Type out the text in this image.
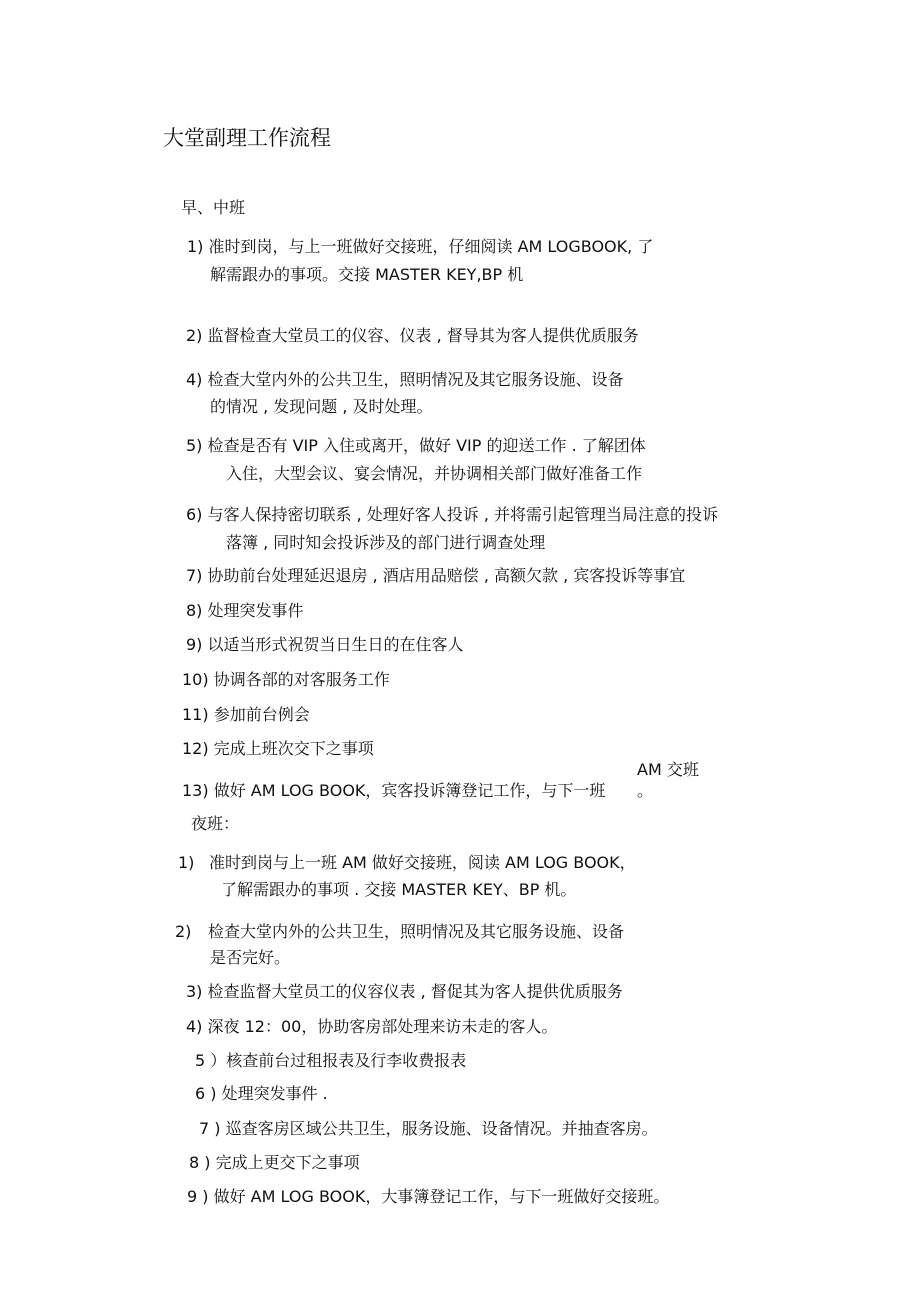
大堂副理工作流程
早、中班
1) 准时到岗，与上一班做好交接班，仔细阅读 AM LOGBOOK, 了
解需跟办的事项。交接 MASTER KEY,BP 机
2) 监督检查大堂员工的仪容、仪表 , 督导其为客人提供优质服务
4) 检查大堂内外的公共卫生，照明情况及其它服务设施、设备
的情况 , 发现问题 , 及时处理。
5) 检查是否有 VIP 入住或离开，做好 VIP 的迎送工作 . 了解团体
入住，大型会议、宴会情况，并协调相关部门做好准备工作
6) 与客人保持密切联系 , 处理好客人投诉 , 并将需引起管理当局注意的投诉
落簿 , 同时知会投诉涉及的部门进行调查处理
7) 协助前台处理延迟退房 , 酒店用品赔偿 , 高额欠款 , 宾客投诉等事宜
8) 处理突发事件
9) 以适当形式祝贺当日生日的在住客人
10) 协调各部的对客服务工作
11) 参加前台例会
12) 完成上班次交下之事项
13) 做好 AM LOG BOOK，宾客投诉簿登记工作，与下一班
AM 交班
。
夜班：
1) 准时到岗与上一班 AM 做好交接班，阅读 AM LOG BOOK，
了解需跟办的事项 . 交接 MASTER KEY、BP 机。
2) 检查大堂内外的公共卫生，照明情况及其它服务设施、设备
是否完好。
3) 检查监督大堂员工的仪容仪表 , 督促其为客人提供优质服务
4) 深夜 12：00，协助客房部处理来访未走的客人。
5 ）核查前台过租报表及行李收费报表
6 ) 处理突发事件 .
7 ) 巡查客房区域公共卫生，服务设施、设备情况。并抽查客房。
8 ) 完成上更交下之事项
9 ) 做好 AM LOG BOOK，大事簿登记工作，与下一班做好交接班。
